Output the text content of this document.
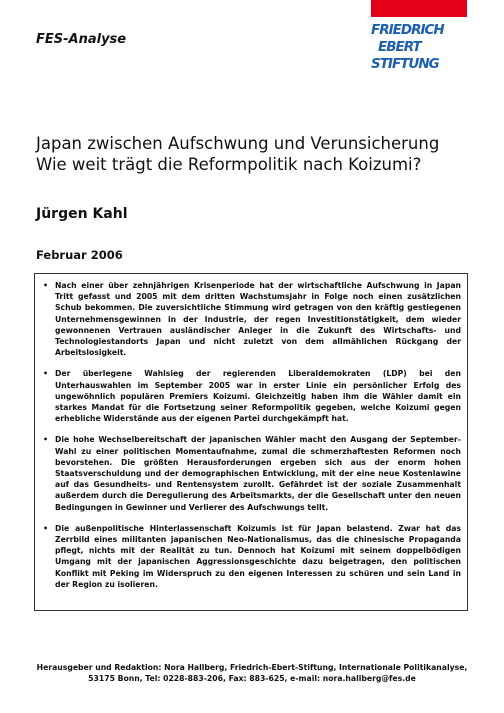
FES-Analyse
FRIEDRICH
EBERT
STIFTUNG
Japan zwischen Aufschwung und Verunsicherung
Wie weit trägt die Reformpolitik nach Koizumi?
Jürgen Kahl
Februar 2006
• Nach einer über zehnjährigen Krisenperiode hat der wirtschaftliche Aufschwung in Japan Tritt gefasst und 2005 mit dem dritten Wachstumsjahr in Folge noch einen zusätzlichen Schub bekommen. Die zuversichtliche Stimmung wird getragen von den kräftig gestiegenen Unternehmensgewinnen in der Industrie, der regen Investitionstätigkeit, dem wieder gewonnenen Vertrauen ausländischer Anleger in die Zukunft des Wirtschafts- und Technologiestandorts Japan und nicht zuletzt von dem allmählichen Rückgang der Arbeitslosigkeit.
• Der überlegene Wahlsieg der regierenden Liberaldemokraten (LDP) bei den Unterhauswahlen im September 2005 war in erster Linie ein persönlicher Erfolg des ungewöhnlich populären Premiers Koizumi. Gleichzeitig haben ihm die Wähler damit ein starkes Mandat für die Fortsetzung seiner Reformpolitik gegeben, welche Koizumi gegen erhebliche Widerstände aus der eigenen Partei durchgekämpft hat.
• Die hohe Wechselbereitschaft der japanischen Wähler macht den Ausgang der September-Wahl zu einer politischen Momentaufnahme, zumal die schmerzhaftesten Reformen noch bevorstehen. Die größten Herausforderungen ergeben sich aus der enorm hohen Staatsverschuldung und der demographischen Entwicklung, mit der eine neue Kostenlawine auf das Gesundheits- und Rentensystem zurollt. Gefährdet ist der soziale Zusammenhalt außerdem durch die Deregulierung des Arbeitsmarkts, der die Gesellschaft unter den neuen Bedingungen in Gewinner und Verlierer des Aufschwungs teilt.
• Die außenpolitische Hinterlassenschaft Koizumis ist für Japan belastend. Zwar hat das Zerrbild eines militanten japanischen Neo-Nationalismus, das die chinesische Propaganda pflegt, nichts mit der Realität zu tun. Dennoch hat Koizumi mit seinem doppelbödigen Umgang mit der japanischen Aggressionsgeschichte dazu beigetragen, den politischen Konflikt mit Peking im Widerspruch zu den eigenen Interessen zu schüren und sein Land in der Region zu isolieren.
Herausgeber und Redaktion: Nora Hallberg, Friedrich-Ebert-Stiftung, Internationale Politikanalyse,
53175 Bonn, Tel: 0228-883-206, Fax: 883-625, e-mail: nora.hallberg@fes.de
